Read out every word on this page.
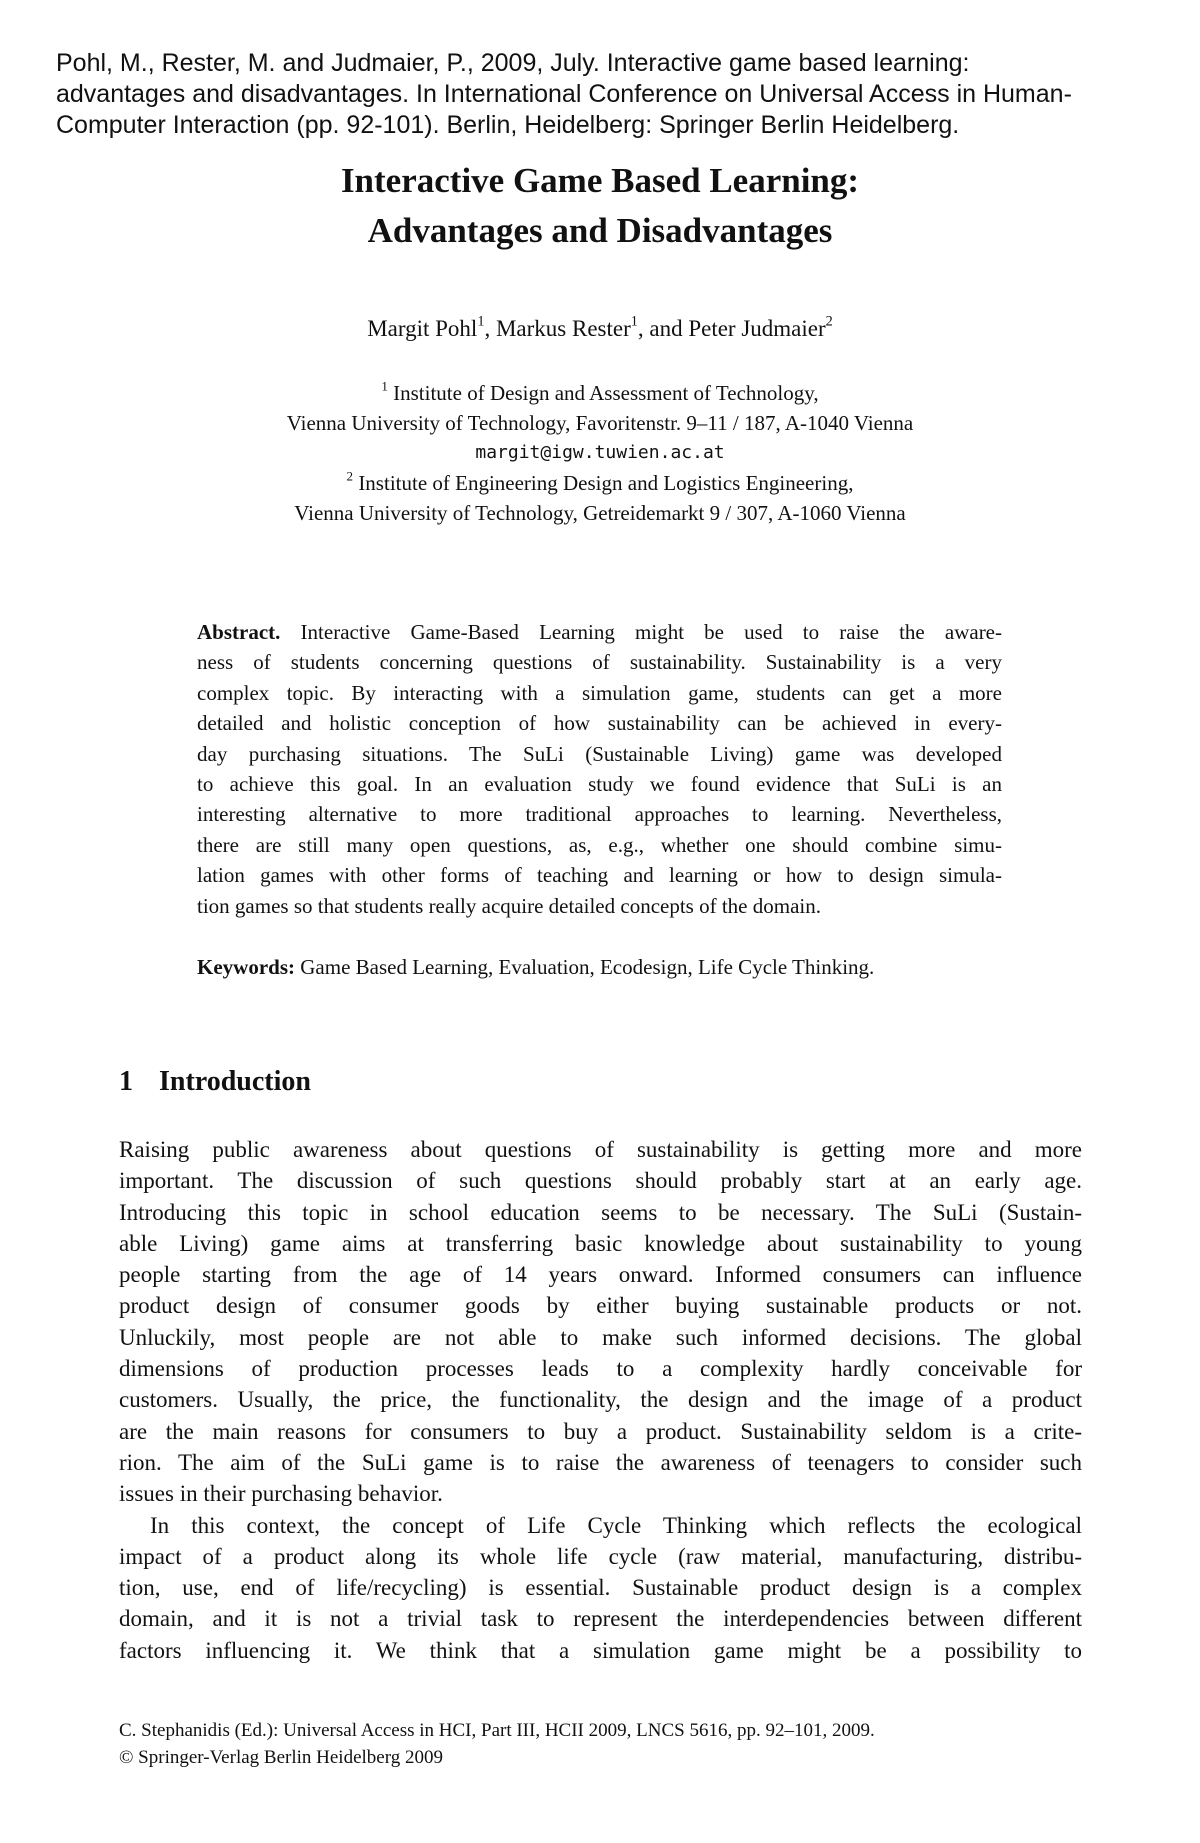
Pohl, M., Rester, M. and Judmaier, P., 2009, July. Interactive game based learning:
advantages and disadvantages. In International Conference on Universal Access in Human-
Computer Interaction (pp. 92-101). Berlin, Heidelberg: Springer Berlin Heidelberg.
Interactive Game Based Learning:
Advantages and Disadvantages
Margit Pohl$^1$, Markus Rester$^1$, and Peter Judmaier$^2$
$^1$ Institute of Design and Assessment of Technology,
Vienna University of Technology, Favoritenstr. 9–11 / 187, A-1040 Vienna
margit@igw.tuwien.ac.at
$^2$ Institute of Engineering Design and Logistics Engineering,
Vienna University of Technology, Getreidemarkt 9 / 307, A-1060 Vienna
Abstract. Interactive Game-Based Learning might be used to raise the aware-
ness of students concerning questions of sustainability. Sustainability is a very
complex topic. By interacting with a simulation game, students can get a more
detailed and holistic conception of how sustainability can be achieved in every-
day purchasing situations. The SuLi (Sustainable Living) game was developed
to achieve this goal. In an evaluation study we found evidence that SuLi is an
interesting alternative to more traditional approaches to learning. Nevertheless,
there are still many open questions, as, e.g., whether one should combine simu-
lation games with other forms of teaching and learning or how to design simula-
tion games so that students really acquire detailed concepts of the domain.
Keywords: Game Based Learning, Evaluation, Ecodesign, Life Cycle Thinking.
1 Introduction
Raising public awareness about questions of sustainability is getting more and more
important. The discussion of such questions should probably start at an early age.
Introducing this topic in school education seems to be necessary. The SuLi (Sustain-
able Living) game aims at transferring basic knowledge about sustainability to young
people starting from the age of 14 years onward. Informed consumers can influence
product design of consumer goods by either buying sustainable products or not.
Unluckily, most people are not able to make such informed decisions. The global
dimensions of production processes leads to a complexity hardly conceivable for
customers. Usually, the price, the functionality, the design and the image of a product
are the main reasons for consumers to buy a product. Sustainability seldom is a crite-
rion. The aim of the SuLi game is to raise the awareness of teenagers to consider such
issues in their purchasing behavior.
In this context, the concept of Life Cycle Thinking which reflects the ecological
impact of a product along its whole life cycle (raw material, manufacturing, distribu-
tion, use, end of life/recycling) is essential. Sustainable product design is a complex
domain, and it is not a trivial task to represent the interdependencies between different
factors influencing it. We think that a simulation game might be a possibility to
C. Stephanidis (Ed.): Universal Access in HCI, Part III, HCII 2009, LNCS 5616, pp. 92–101, 2009.
© Springer-Verlag Berlin Heidelberg 2009
